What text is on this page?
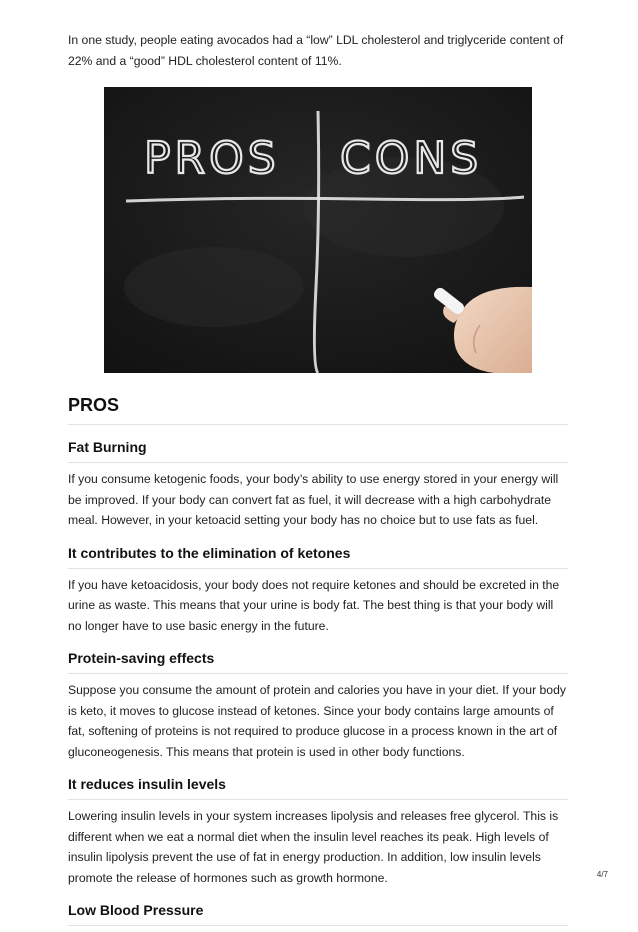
In one study, people eating avocados had a “low” LDL cholesterol and triglyceride content of 22% and a “good” HDL cholesterol content of 11%.

PROS CONS
PROS
Fat Burning

If you consume ketogenic foods, your body’s ability to use energy stored in your energy will be improved. If your body can convert fat as fuel, it will decrease with a high carbohydrate meal. However, in your ketoacid setting your body has no choice but to use fats as fuel.

It contributes to the elimination of ketones

If you have ketoacidosis, your body does not require ketones and should be excreted in the urine as waste. This means that your urine is body fat. The best thing is that your body will no longer have to use basic energy in the future.

Protein-saving effects

Suppose you consume the amount of protein and calories you have in your diet. If your body is keto, it moves to glucose instead of ketones. Since your body contains large amounts of fat, softening of proteins is not required to produce glucose in a process known in the art of gluconeogenesis. This means that protein is used in other body functions.

It reduces insulin levels

Lowering insulin levels in your system increases lipolysis and releases free glycerol. This is different when we eat a normal diet when the insulin level reaches its peak. High levels of insulin lipolysis prevent the use of fat in energy production. In addition, low insulin levels promote the release of hormones such as growth hormone.

Low Blood Pressure
4/7
